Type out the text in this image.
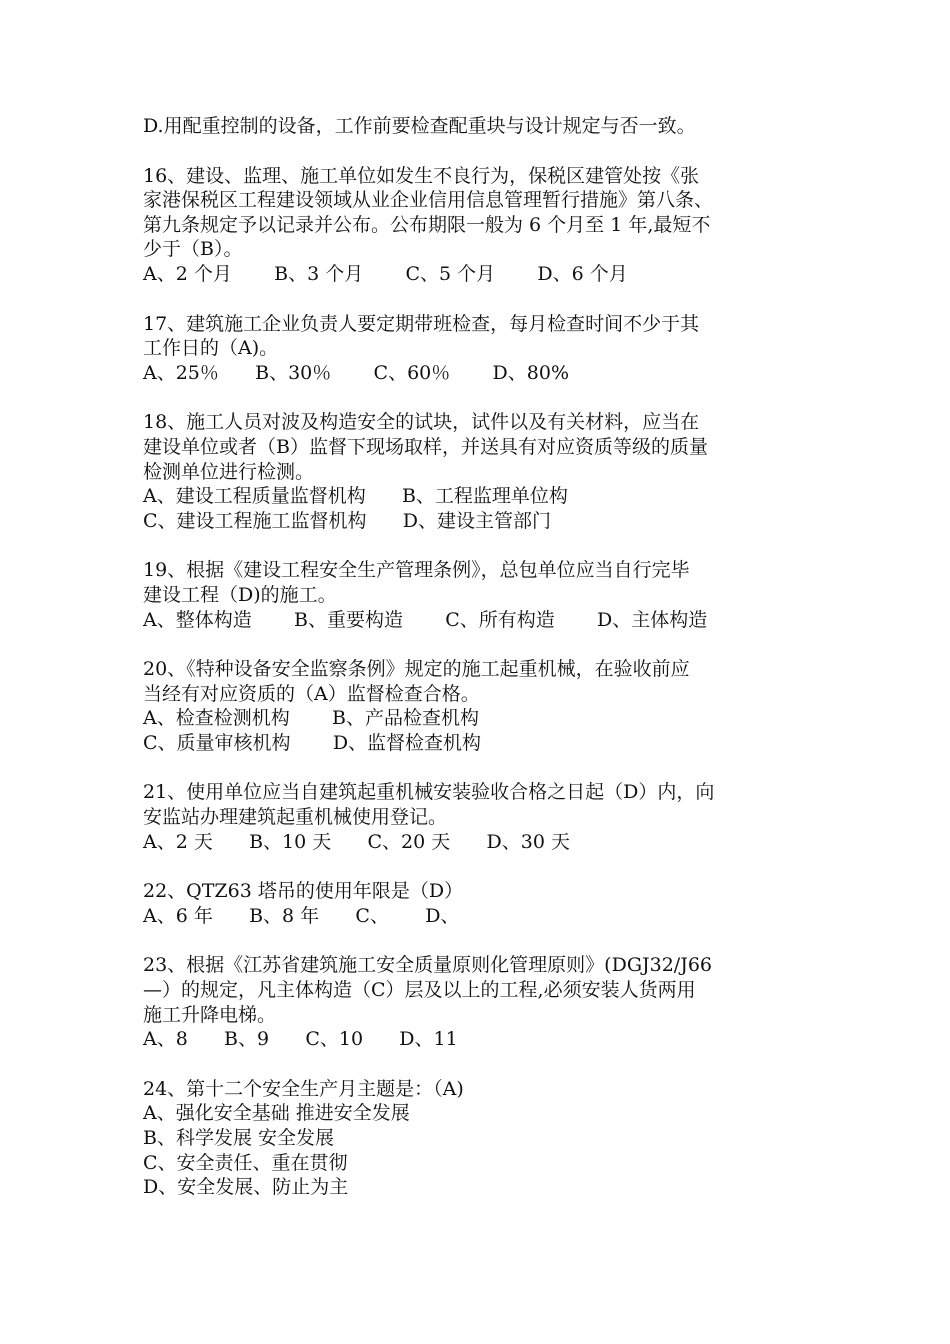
D.用配重控制的设备，工作前要检查配重块与设计规定与否一致。
16、建设、监理、施工单位如发生不良行为，保税区建管处按《张
家港保税区工程建设领域从业企业信用信息管理暂行措施》第八条、
第九条规定予以记录并公布。公布期限一般为 6 个月至 1 年,最短不
少于（B）。
A、2 个月       B、3 个月       C、5 个月       D、6 个月
17、建筑施工企业负责人要定期带班检查，每月检查时间不少于其
工作日的（A)。
A、25％      B、30％       C、60％       D、80%
18、施工人员对波及构造安全的试块，试件以及有关材料，应当在
建设单位或者（B）监督下现场取样，并送具有对应资质等级的质量
检测单位进行检测。
A、建设工程质量监督机构      B、工程监理单位构
C、建设工程施工监督机构      D、建设主管部门
19、根据《建设工程安全生产管理条例》，总包单位应当自行完毕
建设工程（D)的施工。
A、整体构造       B、重要构造       C、所有构造       D、主体构造
20、《特种设备安全监察条例》规定的施工起重机械，在验收前应
当经有对应资质的（A）监督检查合格。
A、检查检测机构       B、产品检查机构
C、质量审核机构       D、监督检查机构
21、使用单位应当自建筑起重机械安装验收合格之日起（D）内，向
安监站办理建筑起重机械使用登记。
A、2 天      B、10 天      C、20 天      D、30 天
22、QTZ63 塔吊的使用年限是（D）
A、6 年      B、8 年      C、      D、
23、根据《江苏省建筑施工安全质量原则化管理原则》(DGJ32/J66
—）的规定，凡主体构造（C）层及以上的工程,必须安装人货两用
施工升降电梯。
A、8      B、9      C、10      D、11
24、第十二个安全生产月主题是：（A)
A、强化安全基础 推进安全发展
B、科学发展 安全发展
C、安全责任、重在贯彻
D、安全发展、防止为主
